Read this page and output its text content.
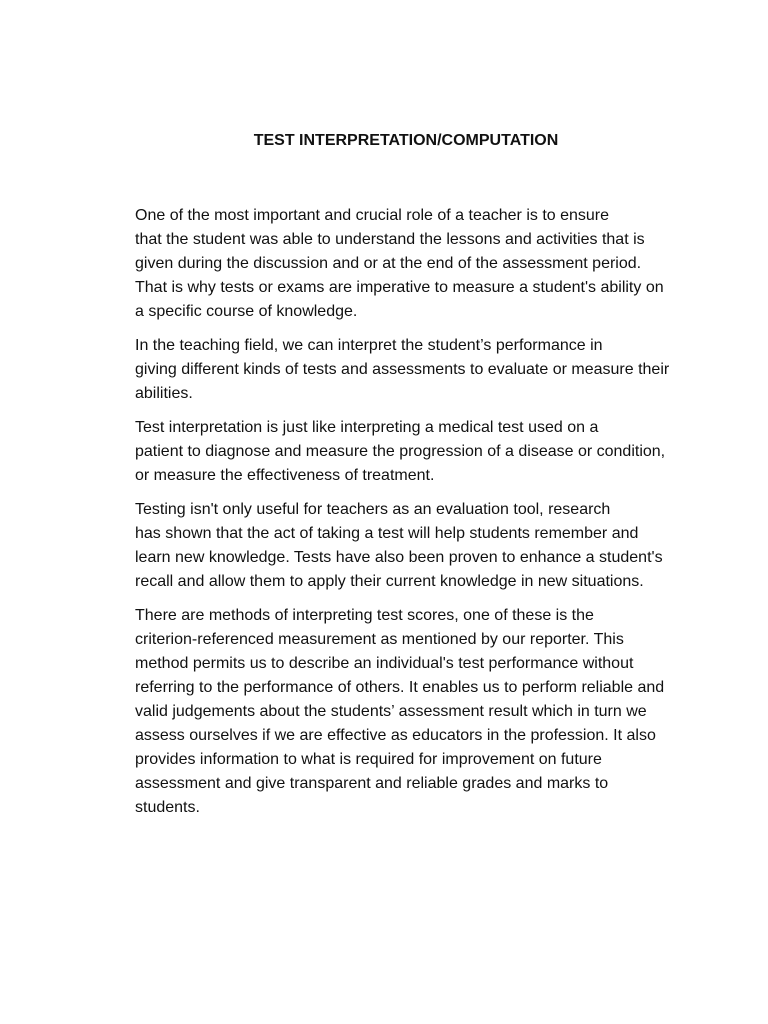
TEST INTERPRETATION/COMPUTATION

One of the most important and crucial role of a teacher is to ensure
that the student was able to understand the lessons and activities that is
given during the discussion and or at the end of the assessment period.
That is why tests or exams are imperative to measure a student's ability on
a specific course of knowledge.

In the teaching field, we can interpret the student’s performance in
giving different kinds of tests and assessments to evaluate or measure their
abilities.

Test interpretation is just like interpreting a medical test used on a
patient to diagnose and measure the progression of a disease or condition,
or measure the effectiveness of treatment.

Testing isn't only useful for teachers as an evaluation tool, research
has shown that the act of taking a test will help students remember and
learn new knowledge. Tests have also been proven to enhance a student's
recall and allow them to apply their current knowledge in new situations.

There are methods of interpreting test scores, one of these is the
criterion-referenced measurement as mentioned by our reporter. This
method permits us to describe an individual's test performance without
referring to the performance of others. It enables us to perform reliable and
valid judgements about the students’ assessment result which in turn we
assess ourselves if we are effective as educators in the profession. It also
provides information to what is required for improvement on future
assessment and give transparent and reliable grades and marks to
students.
